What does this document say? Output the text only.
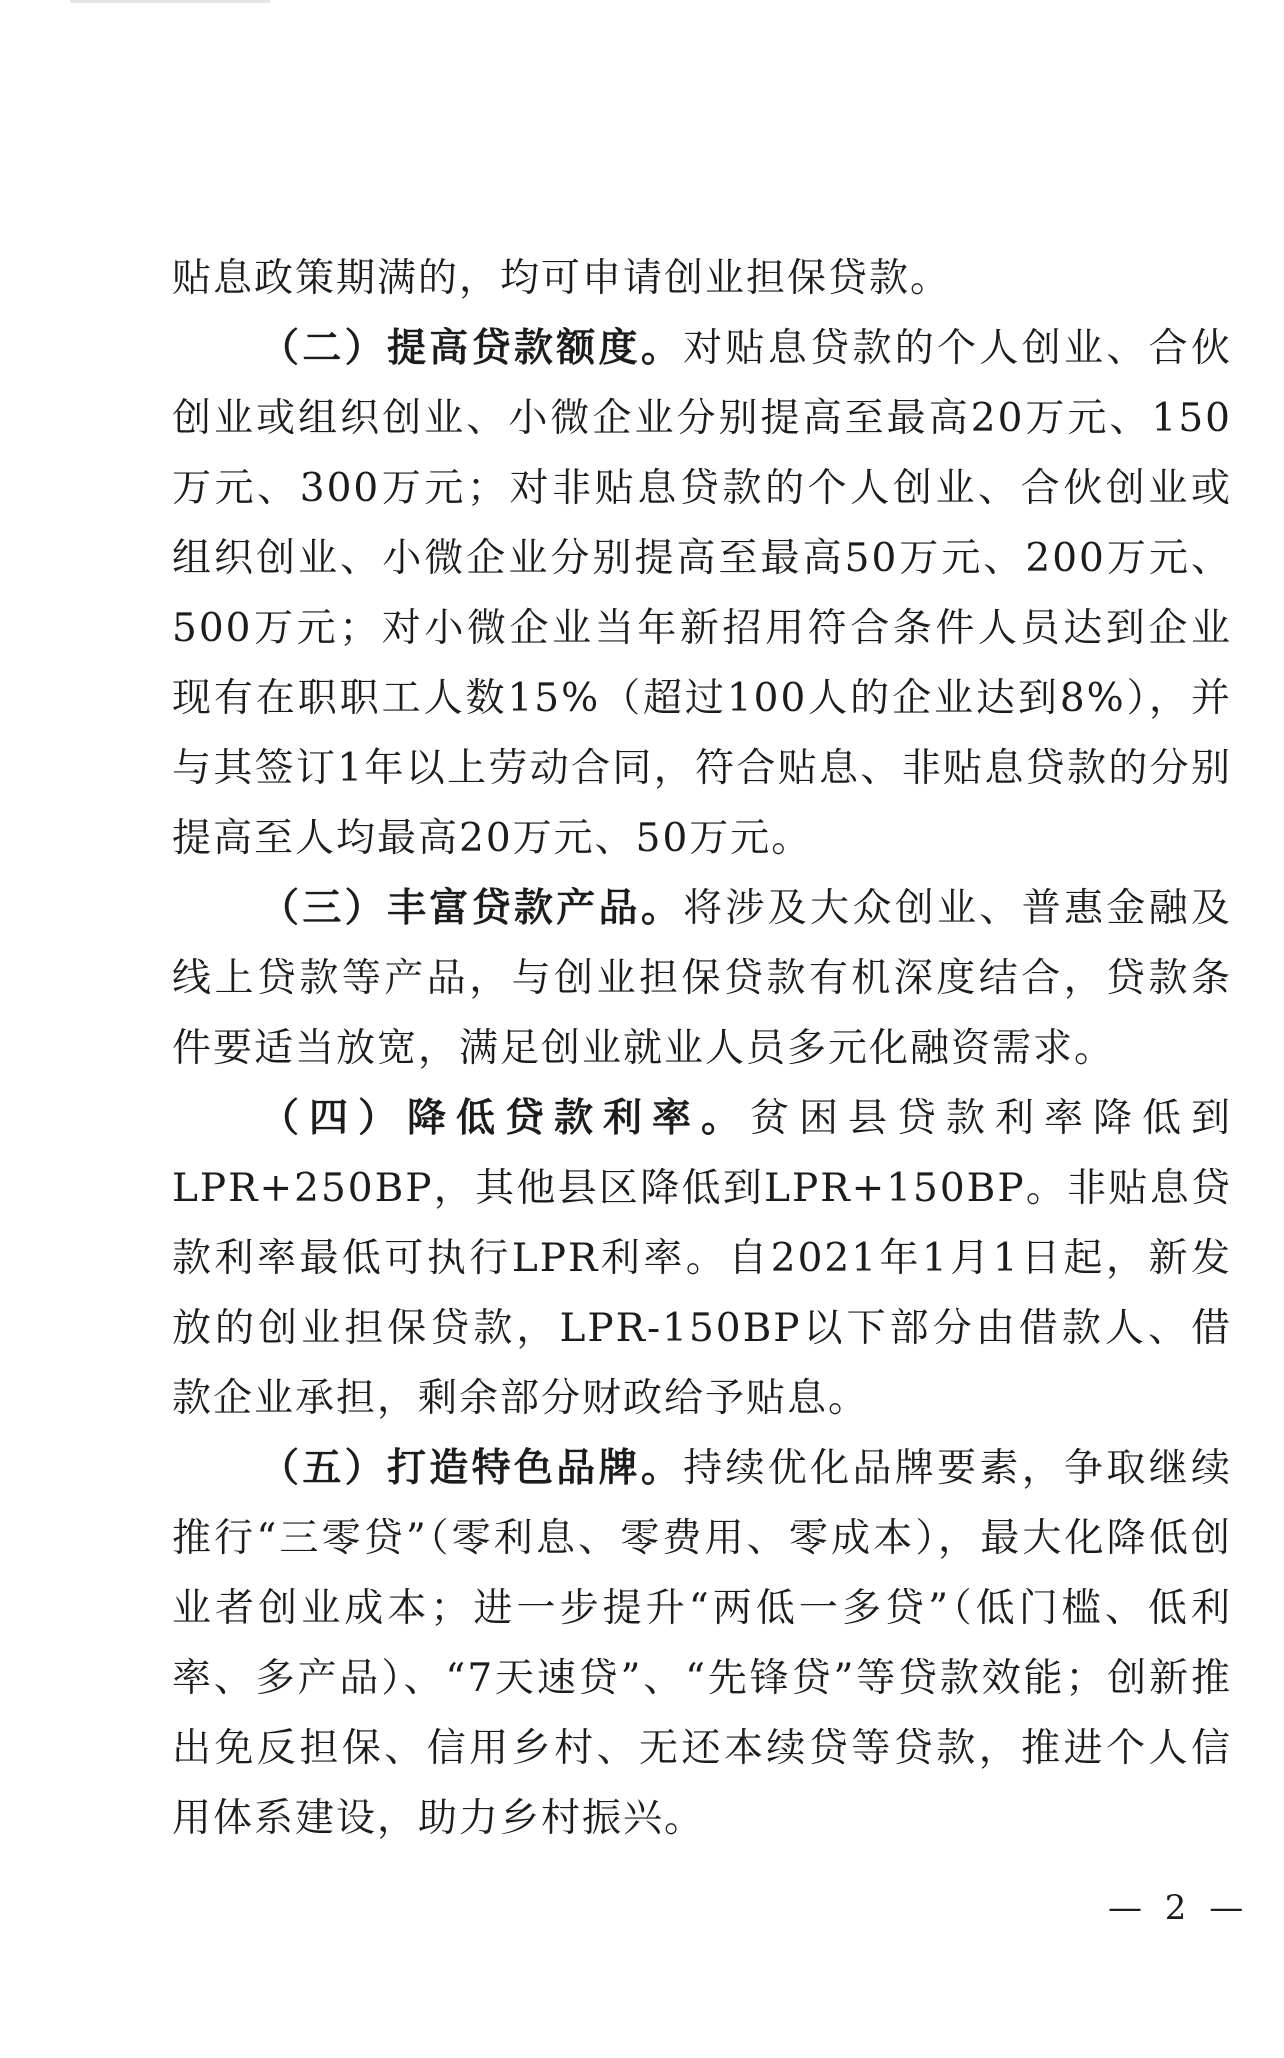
贴息政策期满的，均可申请创业担保贷款。

（二）提高贷款额度。对贴息贷款的个人创业、合伙创业或组织创业、小微企业分别提高至最高20万元、150万元、300万元；对非贴息贷款的个人创业、合伙创业或组织创业、小微企业分别提高至最高50万元、200万元、500万元；对小微企业当年新招用符合条件人员达到企业现有在职职工人数15%（超过100人的企业达到8%），并与其签订1年以上劳动合同，符合贴息、非贴息贷款的分别提高至人均最高20万元、50万元。

（三）丰富贷款产品。将涉及大众创业、普惠金融及线上贷款等产品，与创业担保贷款有机深度结合，贷款条件要适当放宽，满足创业就业人员多元化融资需求。

（四）降低贷款利率。贫困县贷款利率降低到LPR+250BP，其他县区降低到LPR+150BP。非贴息贷款利率最低可执行LPR利率。自2021年1月1日起，新发放的创业担保贷款，LPR-150BP以下部分由借款人、借款企业承担，剩余部分财政给予贴息。

（五）打造特色品牌。持续优化品牌要素，争取继续推行“三零贷”（零利息、零费用、零成本），最大化降低创业者创业成本；进一步提升“两低一多贷”（低门槛、低利率、多产品）、“7天速贷”、“先锋贷”等贷款效能；创新推出免反担保、信用乡村、无还本续贷等贷款，推进个人信用体系建设，助力乡村振兴。

— 2 —
